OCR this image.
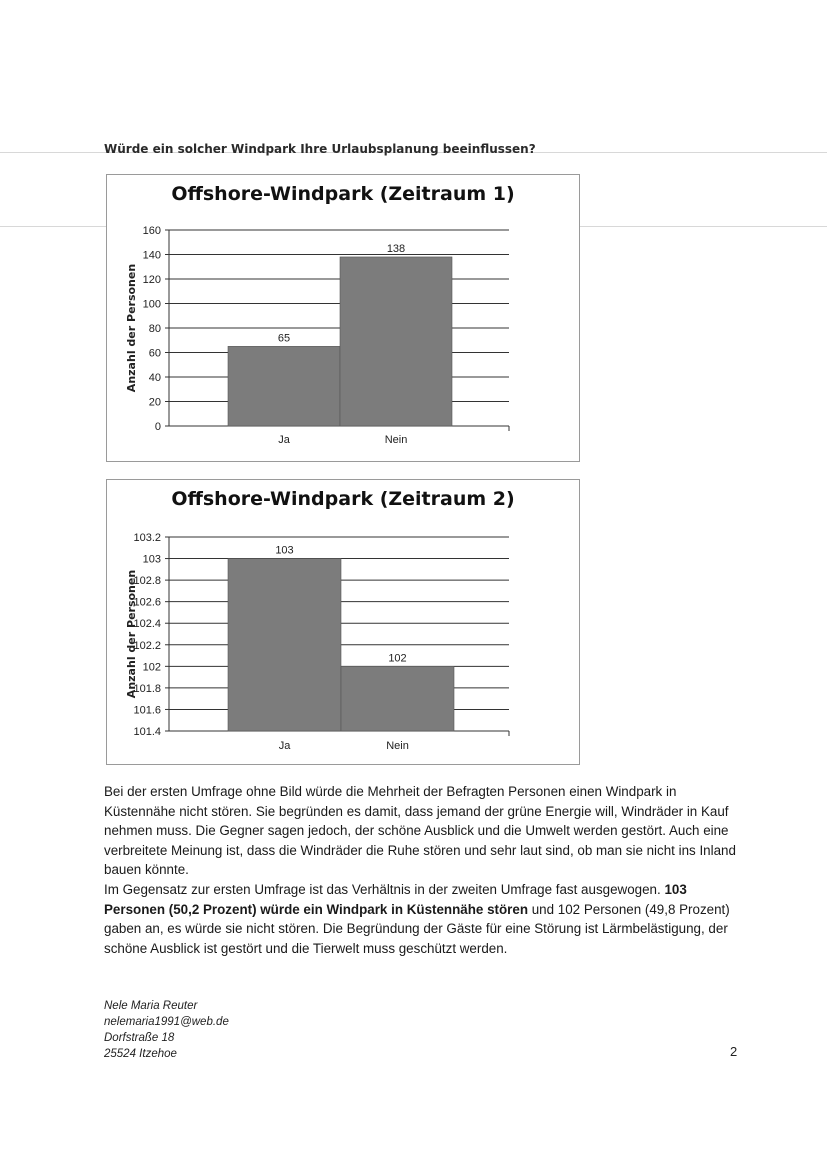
Würde ein solcher Windpark Ihre Urlaubsplanung beeinflussen?
Offshore-Windpark (Zeitraum 1)
0
20
40
60
80
100
120
140
160
Anzahl der Personen	65
Ja
138
Nein
Offshore-Windpark (Zeitraum 2)
101.4
101.6
101.8
102
102.2
102.4
102.6
102.8
103
103.2
Anzahl der Personen
103
Ja
102
Nein

Bei der ersten Umfrage ohne Bild würde die Mehrheit der Befragten Personen einen Windpark in Küstennähe nicht stören. Sie begründen es damit, dass jemand der grüne Energie will, Windräder in Kauf nehmen muss. Die Gegner sagen jedoch, der schöne Ausblick und die Umwelt werden gestört. Auch eine verbreitete Meinung ist, dass die Windräder die Ruhe stören und sehr laut sind, ob man sie nicht ins Inland bauen könnte.

Im Gegensatz zur ersten Umfrage ist das Verhältnis in der zweiten Umfrage fast ausgewogen. 103 Personen (50,2 Prozent) würde ein Windpark in Küstennähe stören und 102 Personen (49,8 Prozent) gaben an, es würde sie nicht stören. Die Begründung der Gäste für eine Störung ist Lärmbelästigung, der schöne Ausblick ist gestört und die Tierwelt muss geschützt werden.

Nele Maria Reuter
nelemaria1991@web.de
Dorfstraße 18
25524 Itzehoe	2
